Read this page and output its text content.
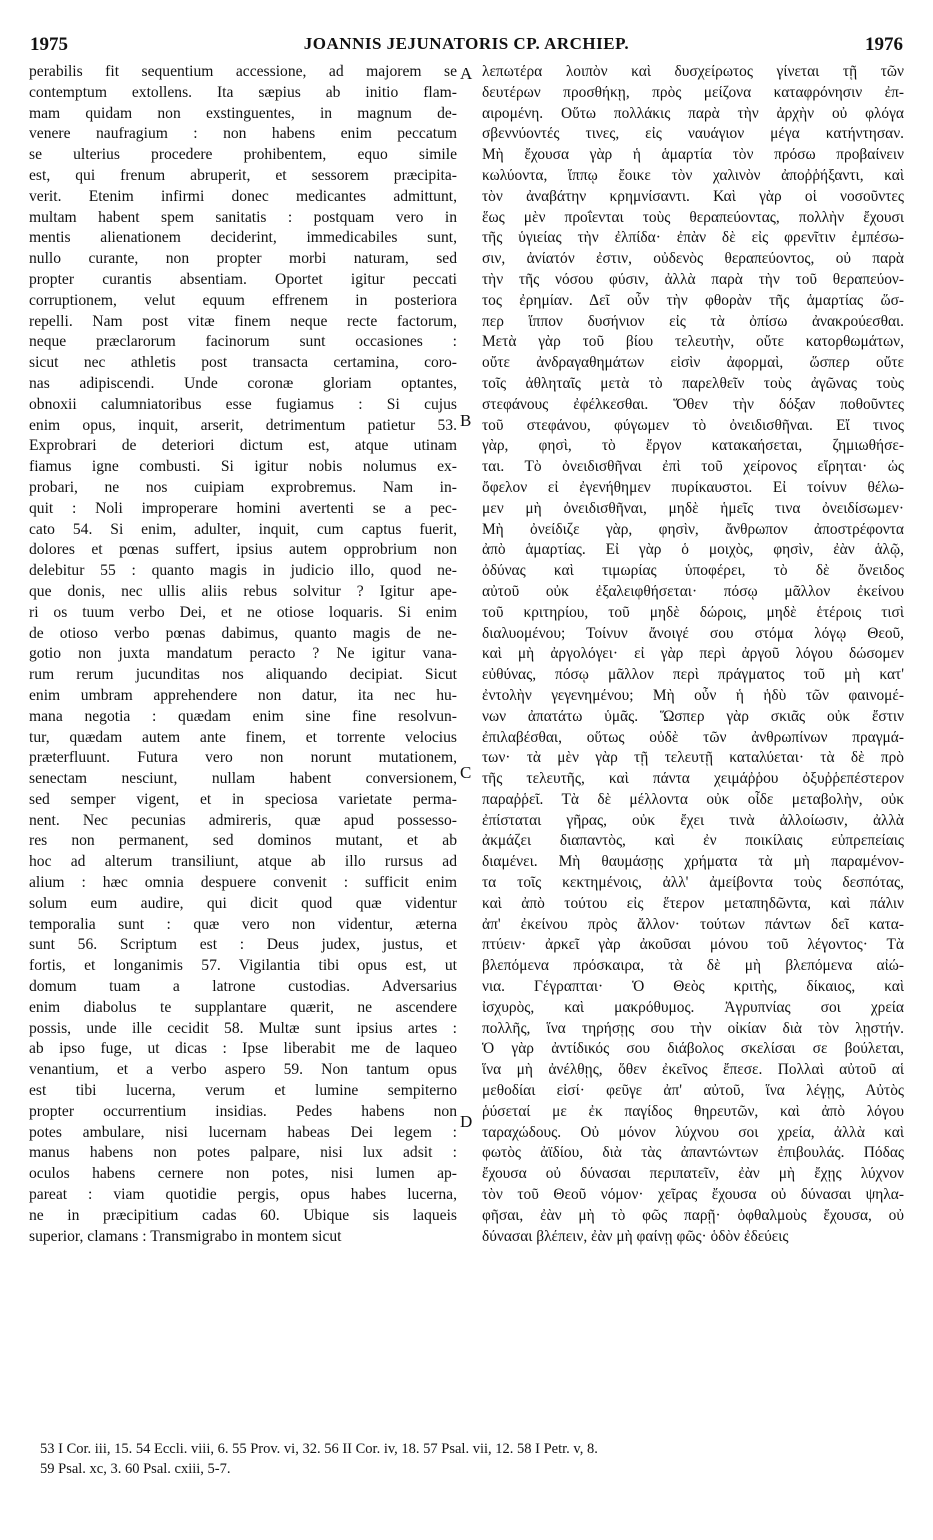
1975	JOANNIS JEJUNATORIS CP. ARCHIEP.	1976
perabilis fit sequentium accessione, ad majorem se
contemptum extollens. Ita sæpius ab initio flam-
mam quidam non exstinguentes, in magnum de-
venere naufragium : non habens enim peccatum
se ulterius procedere prohibentem, equo simile
est, qui frenum abruperit, et sessorem præcipita-
verit. Etenim infirmi donec medicantes admittunt,
multam habent spem sanitatis : postquam vero in
mentis alienationem deciderint, immedicabiles sunt,
nullo curante, non propter morbi naturam, sed
propter curantis absentiam. Oportet igitur peccati
corruptionem, velut equum effrenem in posteriora
repelli. Nam post vitæ finem neque recte factorum,
neque præclarorum facinorum sunt occasiones :
sicut nec athletis post transacta certamina, coro-
nas adipiscendi. Unde coronæ gloriam optantes,
obnoxii calumniatoribus esse fugiamus : Si cujus
enim opus, inquit, arserit, detrimentum patietur 53.
Exprobrari de deteriori dictum est, atque utinam
fiamus igne combusti. Si igitur nobis nolumus ex-
probari, ne nos cuipiam exprobremus. Nam in-
quit : Noli improperare homini avertenti se a pec-
cato 54. Si enim, adulter, inquit, cum captus fuerit,
dolores et pœnas suffert, ipsius autem opprobrium non
delebitur 55 : quanto magis in judicio illo, quod ne-
que donis, nec ullis aliis rebus solvitur ? Igitur ape-
ri os tuum verbo Dei, et ne otiose loquaris. Si enim
de otioso verbo pœnas dabimus, quanto magis de ne-
gotio non juxta mandatum peracto ? Ne igitur vana-
rum rerum jucunditas nos aliquando decipiat. Sicut
enim umbram apprehendere non datur, ita nec hu-
mana negotia : quædam enim sine fine resolvun-
tur, quædam autem ante finem, et torrente velocius
præterfluunt. Futura vero non norunt mutationem,
senectam nesciunt, nullam habent conversionem,
sed semper vigent, et in speciosa varietate perma-
nent. Nec pecunias admireris, quæ apud possesso-
res non permanent, sed dominos mutant, et ab
hoc ad alterum transiliunt, atque ab illo rursus ad
alium : hæc omnia despuere convenit : sufficit enim
solum eum audire, qui dicit quod quæ videntur
temporalia sunt : quæ vero non videntur, æterna
sunt 56. Scriptum est : Deus judex, justus, et
fortis, et longanimis 57. Vigilantia tibi opus est, ut
domum tuam a latrone custodias. Adversarius
enim diabolus te supplantare quærit, ne ascendere
possis, unde ille cecidit 58. Multæ sunt ipsius artes :
ab ipso fuge, ut dicas : Ipse liberabit me de laqueo
venantium, et a verbo aspero 59. Non tantum opus
est tibi lucerna, verum et lumine sempiterno
propter occurrentium insidias. Pedes habens non
potes ambulare, nisi lucernam habeas Dei legem :
manus habens non potes palpare, nisi lux adsit :
oculos habens cernere non potes, nisi lumen ap-
pareat : viam quotidie pergis, opus habes lucerna,
ne in præcipitium cadas 60. Ubique sis laqueis
superior, clamans : Transmigrabo in montem sicut
λεπωτέρα λοιπὸν καὶ δυσχείρωτος γίνεται τῇ τῶν
δευτέρων προσθήκῃ, πρὸς μείζονα καταφρόνησιν ἐπ-
αιρομένη. Οὕτω πολλάκις παρὰ τὴν ἀρχὴν οὐ φλόγα
σβεννύοντές τινες, εἰς ναυάγιον μέγα κατήντησαν.
Μὴ ἔχουσα γὰρ ἡ ἁμαρτία τὸν πρόσω προβαίνειν
κωλύοντα, ἵππῳ ἔοικε τὸν χαλινὸν ἀποῤῥήξαντι, καὶ
τὸν ἀναβάτην κρημνίσαντι. Καὶ γὰρ οἱ νοσοῦντες
ἕως μὲν προΐενται τοὺς θεραπεύοντας, πολλὴν ἔχουσι
τῆς ὑγιείας τὴν ἐλπίδα· ἐπὰν δὲ εἰς φρενῖτιν ἐμπέσω-
σιν, ἀνίατόν ἐστιν, οὐδενὸς θεραπεύοντος, οὐ παρὰ
τὴν τῆς νόσου φύσιν, ἀλλὰ παρὰ τὴν τοῦ θεραπεύον-
τος ἐρημίαν. Δεῖ οὖν τὴν φθορὰν τῆς ἁμαρτίας ὥσ-
περ ἵππον δυσήνιον εἰς τὰ ὀπίσω ἀνακρούεσθαι.
Μετὰ γὰρ τοῦ βίου τελευτὴν, οὔτε κατορθωμάτων,
οὔτε ἀνδραγαθημάτων εἰσὶν ἀφορμαὶ, ὥσπερ οὔτε
τοῖς ἀθληταῖς μετὰ τὸ παρελθεῖν τοὺς ἀγῶνας τοὺς
στεφάνους ἐφέλκεσθαι. Ὅθεν τὴν δόξαν ποθοῦντες
τοῦ στεφάνου, φύγωμεν τὸ ὀνειδισθῆναι. Εἴ τινος
γὰρ, φησὶ, τὸ ἔργον κατακαήσεται, ζημιωθήσε-
ται. Τὸ ὀνειδισθῆναι ἐπὶ τοῦ χείρονος εἴρηται· ὡς
ὄφελον εἰ ἐγενήθημεν πυρίκαυστοι. Εἰ τοίνυν θέλω-
μεν μὴ ὀνειδισθῆναι, μηδὲ ἡμεῖς τινα ὀνειδίσωμεν·
Μὴ ὀνείδιζε γὰρ, φησὶν, ἄνθρωπον ἀποστρέφοντα
ἀπὸ ἁμαρτίας. Εἰ γὰρ ὁ μοιχὸς, φησὶν, ἐὰν ἁλῷ,
ὀδύνας καὶ τιμωρίας ὑποφέρει, τὸ δὲ ὄνειδος
αὐτοῦ οὐκ ἐξαλειφθήσεται· πόσῳ μᾶλλον ἐκείνου
τοῦ κριτηρίου, τοῦ μηδὲ δώροις, μηδὲ ἑτέροις τισὶ
διαλυομένου; Τοίνυν ἄνοιγέ σου στόμα λόγῳ Θεοῦ,
καὶ μὴ ἀργολόγει· εἰ γὰρ περὶ ἀργοῦ λόγου δώσομεν
εὐθύνας, πόσῳ μᾶλλον περὶ πράγματος τοῦ μὴ κατ'
ἐντολὴν γεγενημένου; Μὴ οὖν ἡ ἡδὺ τῶν φαινομέ-
νων ἀπατάτω ὑμᾶς. Ὥσπερ γὰρ σκιᾶς οὐκ ἔστιν
ἐπιλαβέσθαι, οὕτως οὐδὲ τῶν ἀνθρωπίνων πραγμά-
των· τὰ μὲν γὰρ τῇ τελευτῇ καταλύεται· τὰ δὲ πρὸ
τῆς τελευτῆς, καὶ πάντα χειμάῤῥου ὀξυῤῥεπέστερον
παραῤῥεῖ. Τὰ δὲ μέλλοντα οὐκ οἶδε μεταβολὴν, οὐκ
ἐπίσταται γῆρας, οὐκ ἔχει τινὰ ἀλλοίωσιν, ἀλλὰ
ἀκμάζει διαπαντὸς, καὶ ἐν ποικίλαις εὐπρεπείαις
διαμένει. Μὴ θαυμάσῃς χρήματα τὰ μὴ παραμένον-
τα τοῖς κεκτημένοις, ἀλλ' ἀμείβοντα τοὺς δεσπότας,
καὶ ἀπὸ τούτου εἰς ἕτερον μεταπηδῶντα, καὶ πάλιν
ἀπ' ἐκείνου πρὸς ἄλλον· τούτων πάντων δεῖ κατα-
πτύειν· ἀρκεῖ γὰρ ἀκοῦσαι μόνου τοῦ λέγοντος· Τὰ
βλεπόμενα πρόσκαιρα, τὰ δὲ μὴ βλεπόμενα αἰώ-
νια. Γέγραπται· Ὁ Θεὸς κριτὴς, δίκαιος, καὶ
ἰσχυρὸς, καὶ μακρόθυμος. Ἀγρυπνίας σοι χρεία
πολλῆς, ἵνα τηρήσῃς σου τὴν οἰκίαν διὰ τὸν λῃστήν.
Ὁ γὰρ ἀντίδικός σου διάβολος σκελίσαι σε βούλεται,
ἵνα μὴ ἀνέλθῃς, ὅθεν ἐκεῖνος ἔπεσε. Πολλαὶ αὐτοῦ αἱ
μεθοδίαι εἰσί· φεῦγε ἀπ' αὐτοῦ, ἵνα λέγῃς, Αὐτὸς
ῥύσεταί με ἐκ παγίδος θηρευτῶν, καὶ ἀπὸ λόγου
ταραχώδους. Οὐ μόνον λύχνου σοι χρεία, ἀλλὰ καὶ
φωτὸς ἀϊδίου, διὰ τὰς ἀπαντώντων ἐπιβουλάς. Πόδας
ἔχουσα οὐ δύνασαι περιπατεῖν, ἐὰν μὴ ἔχῃς λύχνον
τὸν τοῦ Θεοῦ νόμον· χεῖρας ἔχουσα οὐ δύνασαι ψηλα-
φῆσαι, ἐὰν μὴ τὸ φῶς παρῇ· ὀφθαλμοὺς ἔχουσα, οὐ
δύνασαι βλέπειν, ἐὰν μὴ φαίνῃ φῶς· ὁδὸν ἐδεύεις
A
B
C
D
53 I Cor. iii, 15. 54 Eccli. viii, 6. 55 Prov. vi, 32. 56 II Cor. iv, 18. 57 Psal. vii, 12. 58 I Petr. v, 8.
59 Psal. xc, 3. 60 Psal. cxiii, 5-7.
